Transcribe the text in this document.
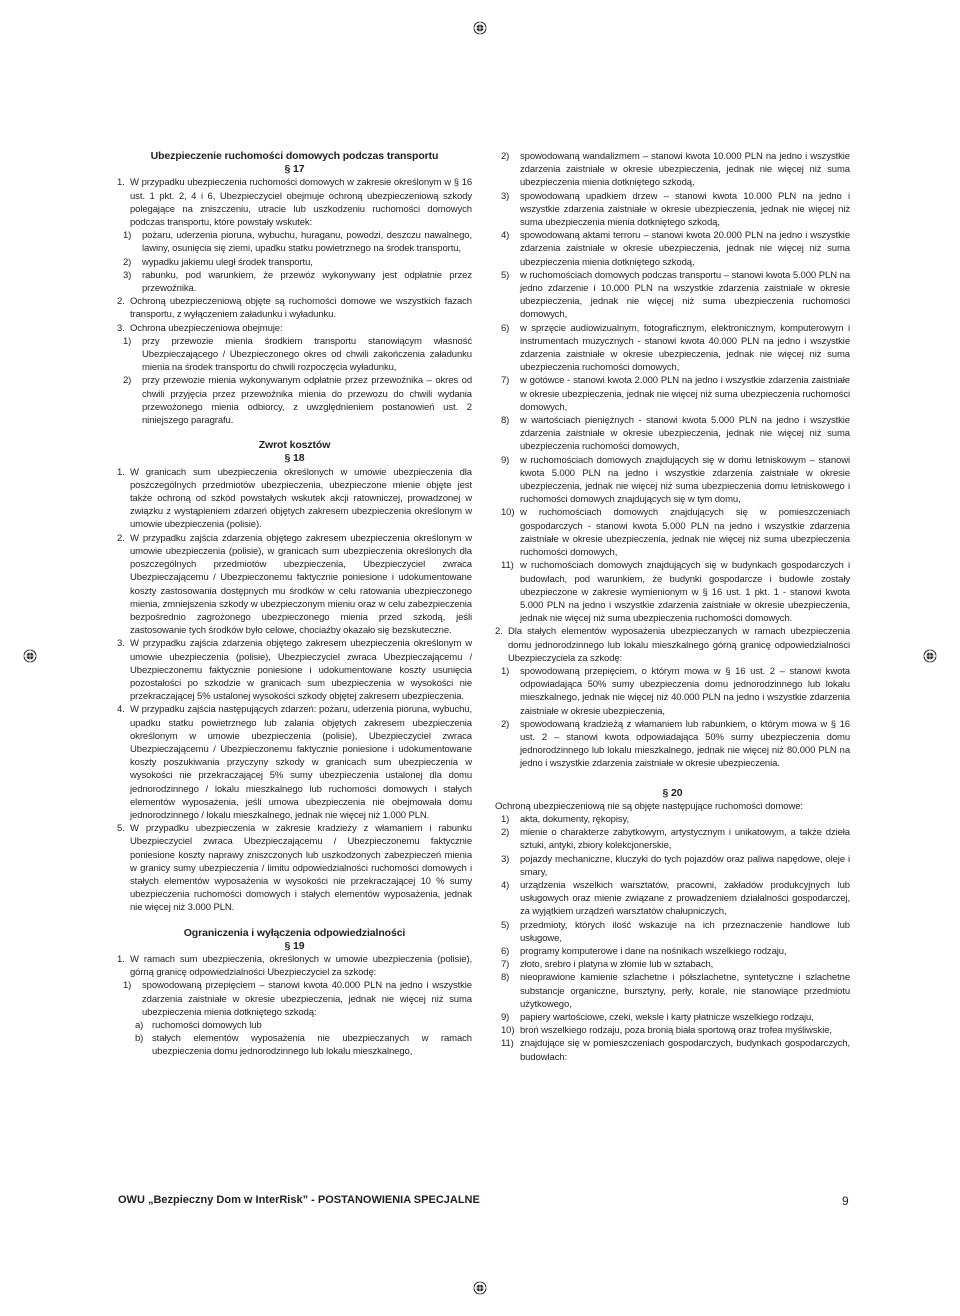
Ubezpieczenie ruchomości domowych podczas transportu

§ 17

1. W przypadku ubezpieczenia ruchomości domowych w zakresie określonym w § 16 ust. 1 pkt. 2, 4 i 6, Ubezpieczyciel obejmuje ochroną ubezpieczeniową szkody polegające na zniszczeniu, utracie lub uszkodzeniu ruchomości domowych podczas transportu, które powstały wskutek:
1)	pożaru, uderzenia pioruna, wybuchu, huraganu, powodzi, deszczu nawalnego, lawiny, osunięcia się ziemi, upadku statku powietrznego na środek transportu,
2)	wypadku jakiemu uległ środek transportu,
3)	rabunku, pod warunkiem, że przewóz wykonywany jest odpłatnie przez przewoźnika.
2. Ochroną ubezpieczeniową objęte są ruchomości domowe we wszystkich fazach transportu, z wyłączeniem załadunku i wyładunku.
3. Ochrona ubezpieczeniowa obejmuje:
1)	przy przewozie mienia środkiem transportu stanowiącym własność Ubezpieczającego / Ubezpieczonego okres od chwili zakończenia załadunku mienia na środek transportu do chwili rozpoczęcia wyładunku,
2)	przy przewozie mienia wykonywanym odpłatnie przez przewoźnika – okres od chwili przyjęcia przez przewoźnika mienia do przewozu do chwili wydania przewożonego mienia odbiorcy, z uwzględnieniem postanowień ust. 2 niniejszego paragrafu.

Zwrot kosztów

§ 18

1. W granicach sum ubezpieczenia określonych w umowie ubezpieczenia dla poszczególnych przedmiotów ubezpieczenia, ubezpieczone mienie objęte jest także ochroną od szkód powstałych wskutek akcji ratowniczej, prowadzonej w związku z wystąpieniem zdarzeń objętych zakresem ubezpieczenia określonym w umowie ubezpieczenia (polisie).
2. W przypadku zajścia zdarzenia objętego zakresem ubezpieczenia określonym w umowie ubezpieczenia (polisie), w granicach sum ubezpieczenia określonych dla poszczególnych przedmiotów ubezpieczenia, Ubezpieczyciel zwraca Ubezpieczającemu / Ubezpieczonemu faktycznie poniesione i udokumentowane koszty zastosowania dostępnych mu środków w celu ratowania ubezpieczonego mienia, zmniejszenia szkody w ubezpieczonym mieniu oraz w celu zabezpieczenia bezpośrednio zagrożonego ubezpieczonego mienia przed szkodą, jeśli zastosowanie tych środków było celowe, chociażby okazało się bezskuteczne.
3. W przypadku zajścia zdarzenia objętego zakresem ubezpieczenia określonym w umowie ubezpieczenia (polisie), Ubezpieczyciel zwraca Ubezpieczającemu / Ubezpieczonemu faktycznie poniesione i udokumentowane koszty usunięcia pozostałości po szkodzie w granicach sum ubezpieczenia w wysokości nie przekraczającej 5% ustalonej wysokości szkody objętej zakresem ubezpieczenia.
4. W przypadku zajścia następujących zdarzeń: pożaru, uderzenia pioruna, wybuchu, upadku statku powietrznego lub zalania objętych zakresem ubezpieczenia określonym w umowie ubezpieczenia (polisie), Ubezpieczyciel zwraca Ubezpieczającemu / Ubezpieczonemu faktycznie poniesione i udokumentowane koszty poszukiwania przyczyny szkody w granicach sum ubezpieczenia w wysokości nie przekraczającej 5% sumy ubezpieczenia ustalonej dla domu jednorodzinnego / lokalu mieszkalnego lub ruchomości domowych i stałych elementów wyposażenia, jeśli umowa ubezpieczenia nie obejmowała domu jednorodzinnego / lokalu mieszkalnego, jednak nie więcej niż 1.000 PLN.
5. W przypadku ubezpieczenia w zakresie kradzieży z włamaniem i rabunku Ubezpieczyciel zwraca Ubezpieczającemu / Ubezpieczonemu faktycznie poniesione koszty naprawy zniszczonych lub uszkodzonych zabezpieczeń mienia w granicy sumy ubezpieczenia / limitu odpowiedzialności ruchomości domowych i stałych elementów wyposażenia w wysokości nie przekraczającej 10 % sumy ubezpieczenia ruchomości domowych i stałych elementów wyposażenia, jednak nie więcej niż 3.000 PLN.

Ograniczenia i wyłączenia odpowiedzialności

§ 19

1. W ramach sum ubezpieczenia, określonych w umowie ubezpieczenia (polisie), górną granicę odpowiedzialności Ubezpieczyciel za szkodę:
1)	spowodowaną przepięciem – stanowi kwota 40.000 PLN na jedno i wszystkie zdarzenia zaistniałe w okresie ubezpieczenia, jednak nie więcej niż suma ubezpieczenia mienia dotkniętego szkodą:
a) ruchomości domowych lub
b) stałych elementów wyposażenia nie ubezpieczanych w ramach ubezpieczenia domu jednorodzinnego lub lokalu mieszkalnego,
2)	spowodowaną wandalizmem – stanowi kwota 10.000 PLN na jedno i wszystkie zdarzenia zaistniałe w okresie ubezpieczenia, jednak nie więcej niż suma ubezpieczenia mienia dotkniętego szkodą,
3)	spowodowaną upadkiem drzew – stanowi kwota 10.000 PLN na jedno i wszystkie zdarzenia zaistniałe w okresie ubezpieczenia, jednak nie więcej niż suma ubezpieczenia mienia dotkniętego szkodą,
4)	spowodowaną aktami terroru – stanowi kwota 20.000 PLN na jedno i wszystkie zdarzenia zaistniałe w okresie ubezpieczenia, jednak nie więcej niż suma ubezpieczenia mienia dotkniętego szkodą,
5)	w ruchomościach domowych podczas transportu – stanowi kwota 5.000 PLN na jedno zdarzenie i 10.000 PLN na wszystkie zdarzenia zaistniałe w okresie ubezpieczenia, jednak nie więcej niż suma ubezpieczenia ruchomości domowych,
6)	w sprzęcie audiowizualnym, fotograficznym, elektronicznym, komputerowym i instrumentach muzycznych - stanowi kwota 40.000 PLN na jedno i wszystkie zdarzenia zaistniałe w okresie ubezpieczenia, jednak nie więcej niż suma ubezpieczenia ruchomości domowych,
7)	w gotówce - stanowi kwota 2.000 PLN na jedno i wszystkie zdarzenia zaistniałe w okresie ubezpieczenia, jednak nie więcej niż suma ubezpieczenia ruchomości domowych,
8)	w wartościach pieniężnych - stanowi kwota 5.000 PLN na jedno i wszystkie zdarzenia zaistniałe w okresie ubezpieczenia, jednak nie więcej niż suma ubezpieczenia ruchomości domowych,
9)	w ruchomościach domowych znajdujących się w domu letniskowym – stanowi kwota 5.000 PLN na jedno i wszystkie zdarzenia zaistniałe w okresie ubezpieczenia, jednak nie więcej niż suma ubezpieczenia domu letniskowego i ruchomości domowych znajdujących się w tym domu,
10) w ruchomościach domowych znajdujących się w pomieszczeniach gospodarczych - stanowi kwota 5.000 PLN na jedno i wszystkie zdarzenia zaistniałe w okresie ubezpieczenia, jednak nie więcej niż suma ubezpieczenia ruchomości domowych,
11) w ruchomościach domowych znajdujących się w budynkach gospodarczych i budowlach, pod warunkiem, że budynki gospodarcze i budowle zostały ubezpieczone w zakresie wymienionym w § 16 ust. 1 pkt. 1 - stanowi kwota 5.000 PLN na jedno i wszystkie zdarzenia zaistniałe w okresie ubezpieczenia, jednak nie więcej niż suma ubezpieczenia ruchomości domowych.
2. Dla stałych elementów wyposażenia ubezpieczanych w ramach ubezpieczenia domu jednorodzinnego lub lokalu mieszkalnego górną granicę odpowiedzialności Ubezpieczyciela za szkodę:
1)	spowodowaną przepięciem, o którym mowa w § 16 ust. 2 – stanowi kwota odpowiadająca 50% sumy ubezpieczenia domu jednorodzinnego lub lokalu mieszkalnego, jednak nie więcej niż 40.000 PLN na jedno i wszystkie zdarzenia zaistniałe w okresie ubezpieczenia,
2)	spowodowaną kradzieżą z włamaniem lub rabunkiem, o którym mowa w § 16 ust. 2 – stanowi kwota odpowiadająca 50% sumy ubezpieczenia domu jednorodzinnego lub lokalu mieszkalnego, jednak nie więcej niż 80.000 PLN na jedno i wszystkie zdarzenia zaistniałe w okresie ubezpieczenia.

§ 20

Ochroną ubezpieczeniową nie są objęte następujące ruchomości domowe:

1)	akta, dokumenty, rękopisy,
2)	mienie o charakterze zabytkowym, artystycznym i unikatowym, a także dzieła sztuki, antyki, zbiory kolekcjonerskie,
3)	pojazdy mechaniczne, kluczyki do tych pojazdów oraz paliwa napędowe, oleje i smary,
4)	urządzenia wszelkich warsztatów, pracowni, zakładów produkcyjnych lub usługowych oraz mienie związane z prowadzeniem działalności gospodarczej, za wyjątkiem urządzeń warsztatów chałupniczych,
5)	przedmioty, których ilość wskazuje na ich przeznaczenie handlowe lub usługowe,
6)	programy komputerowe i dane na nośnikach wszelkiego rodzaju,
7)	złoto, srebro i platyna w złomie lub w sztabach,
8)	nieoprawione kamienie szlachetne i półszlachetne, syntetyczne i szlachetne substancje organiczne, bursztyny, perły, korale, nie stanowiące przedmiotu użytkowego,
9)	papiery wartościowe, czeki, weksle i karty płatnicze wszelkiego rodzaju,
10) broń wszelkiego rodzaju, poza bronią biała sportową oraz trofea myśliwskie,
11) znajdujące się w pomieszczeniach gospodarczych, budynkach gospodarczych, budowlach:
OWU „Bezpieczny Dom w InterRisk” - POSTANOWIENIA SPECJALNE	9
